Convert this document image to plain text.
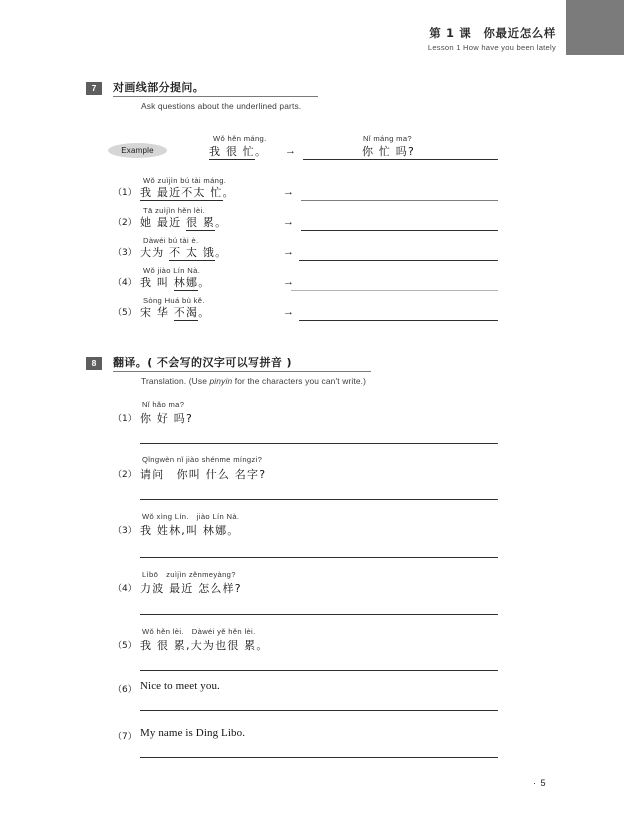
第 1 课　你最近怎么样
Lesson 1 How have you been lately
7	对画线部分提问。
Ask questions about the underlined parts.
Example
Wǒ hěn máng.
我 很 忙。 →
Nǐ máng ma?
你 忙 吗?
（1）
Wǒ zuìjìn bú tài máng.
我 最近不太 忙。	→
（2）
Tā zuìjìn hěn lèi.
她 最近 很 累。	→
（3）
Dàwéi bú tài è.
大为 不 太 饿。	→
（4）
Wǒ jiào Lín Nà.
我 叫 林娜。	→
（5）
Sòng Huá bù kě.
宋 华 不渴。	→
8	翻译。( 不会写的汉字可以写拼音 )
Translation. (Use pinyin for the characters you can't write.)
Nǐ hǎo ma?
（1） 你 好 吗?
Qǐngwèn nǐ jiào shénme míngzi?
（2） 请问　你叫 什么 名字?
Wǒ xìng Lín.　jiào Lín Nà.
（3） 我 姓林,叫 林娜。
Lìbō　zuìjìn zěnmeyàng?
（4） 力波 最近 怎么样?
Wǒ hěn lèi.　Dàwéi yě hěn lèi.
（5） 我 很 累,大为也很 累。
（6） Nice to meet you.
（7） My name is Ding Libo.
· 5
